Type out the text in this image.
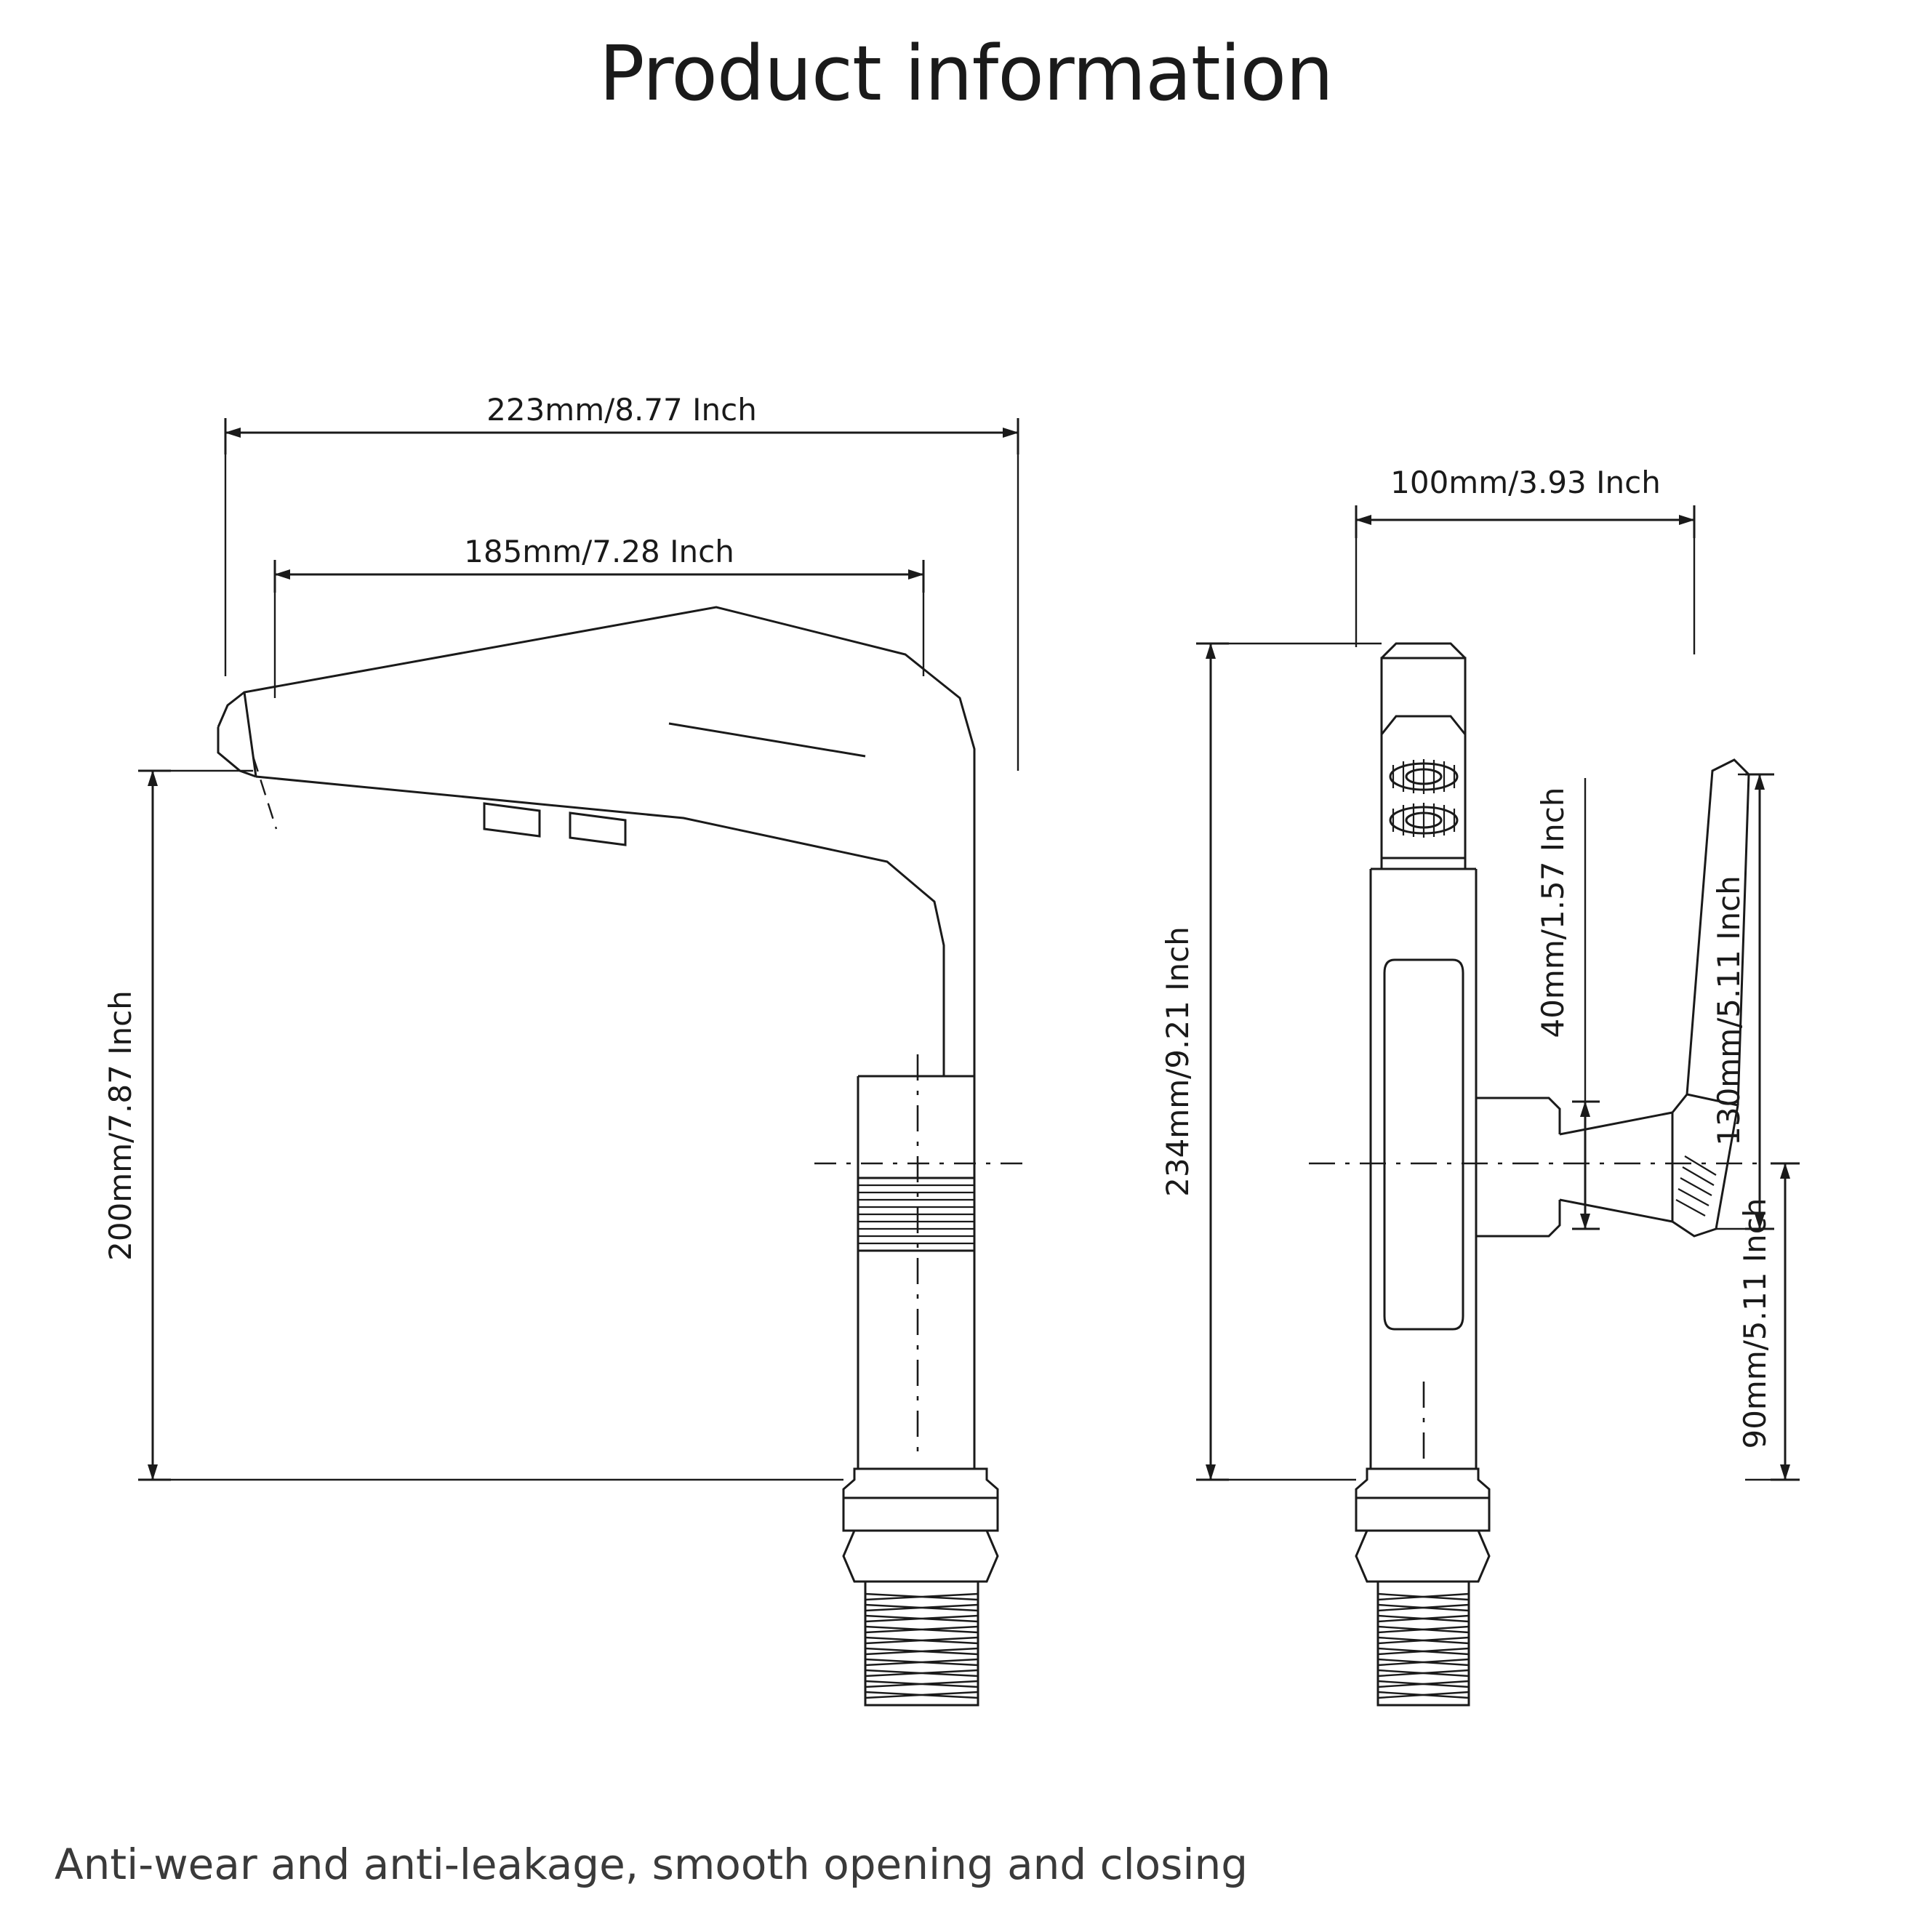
Product information
223mm/8.77 Inch
185mm/7.28 Inch
200mm/7.87 Inch
100mm/3.93 Inch
234mm/9.21 Inch
40mm/1.57 Inch	130mm/5.11 Inch
90mm/5.11 Inch
Anti-wear and anti-leakage, smooth opening and closing
